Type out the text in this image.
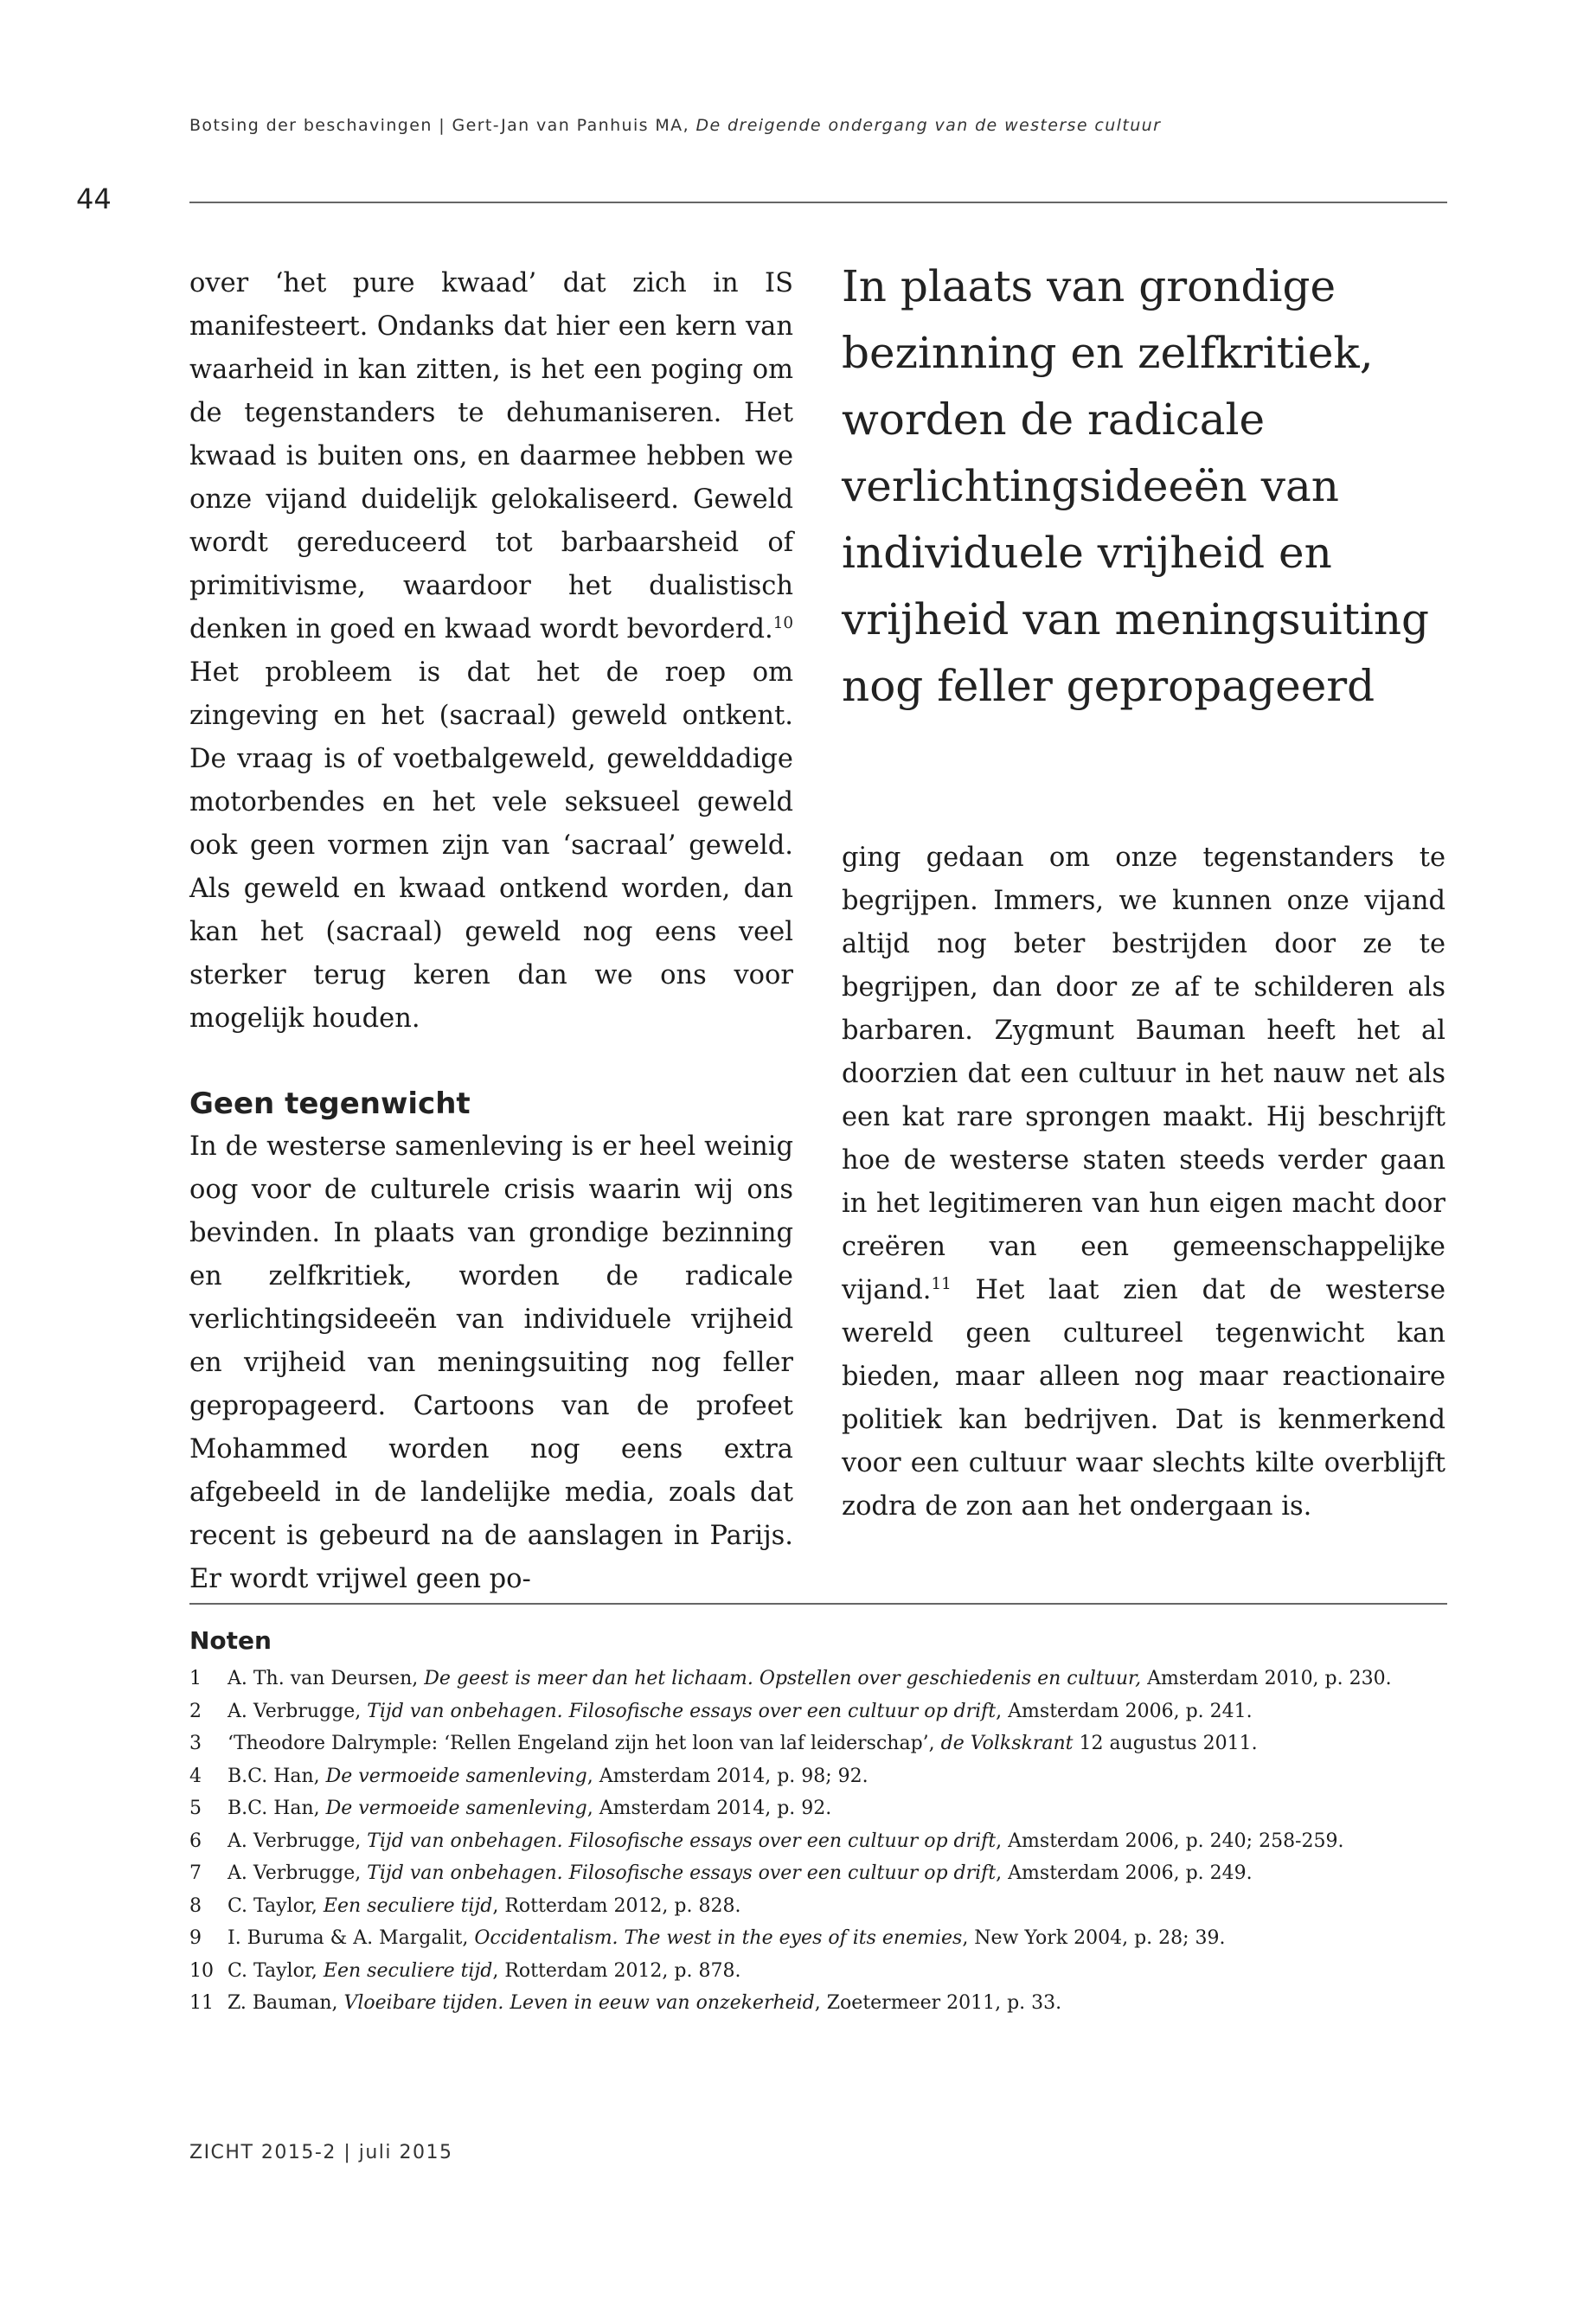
Botsing der beschavingen | Gert-Jan van Panhuis MA, De dreigende ondergang van de westerse cultuur
44

over ‘het pure kwaad’ dat zich in IS manifesteert. Ondanks dat hier een kern van waarheid in kan zitten, is het een poging om de tegenstanders te dehumaniseren. Het kwaad is buiten ons, en daarmee hebben we onze vijand duidelijk gelokaliseerd. Geweld wordt gereduceerd tot barbaarsheid of primitivisme, waardoor het dualistisch denken in goed en kwaad wordt bevorderd.$^{10}$ Het probleem is dat het de roep om zingeving en het (sacraal) geweld ontkent. De vraag is of voetbalgeweld, gewelddadige motorbendes en het vele seksueel geweld ook geen vormen zijn van ‘sacraal’ geweld. Als geweld en kwaad ontkend worden, dan kan het (sacraal) geweld nog eens veel sterker terug keren dan we ons voor mogelijk houden.

Geen tegenwicht

In de westerse samenleving is er heel weinig oog voor de culturele crisis waarin wij ons bevinden. In plaats van grondige bezinning en zelfkritiek, worden de radicale verlichtingsideeën van individuele vrijheid en vrijheid van meningsuiting nog feller gepropageerd. Cartoons van de profeet Mohammed worden nog eens extra afgebeeld in de landelijke media, zoals dat recent is gebeurd na de aanslagen in Parijs. Er wordt vrijwel geen po-

In plaats van grondige bezinning en zelfkritiek, worden de radicale verlichtingsideeën van individuele vrijheid en vrijheid van meningsuiting nog feller gepropageerd

ging gedaan om onze tegenstanders te begrijpen. Immers, we kunnen onze vijand altijd nog beter bestrijden door ze te begrijpen, dan door ze af te schilderen als barbaren. Zygmunt Bauman heeft het al doorzien dat een cultuur in het nauw net als een kat rare sprongen maakt. Hij beschrijft hoe de westerse staten steeds verder gaan in het legitimeren van hun eigen macht door creëren van een gemeenschappelijke vijand.$^{11}$ Het laat zien dat de westerse wereld geen cultureel tegenwicht kan bieden, maar alleen nog maar reactionaire politiek kan bedrijven. Dat is kenmerkend voor een cultuur waar slechts kilte overblijft zodra de zon aan het ondergaan is.

Noten
1	A. Th. van Deursen, De geest is meer dan het lichaam. Opstellen over geschiedenis en cultuur, Amsterdam 2010, p. 230.
2	A. Verbrugge, Tijd van onbehagen. Filosofische essays over een cultuur op drift, Amsterdam 2006, p. 241.
3	‘Theodore Dalrymple: ‘Rellen Engeland zijn het loon van laf leiderschap’, de Volkskrant 12 augustus 2011.
4	B.C. Han, De vermoeide samenleving, Amsterdam 2014, p. 98; 92.
5	B.C. Han, De vermoeide samenleving, Amsterdam 2014, p. 92.
6	A. Verbrugge, Tijd van onbehagen. Filosofische essays over een cultuur op drift, Amsterdam 2006, p. 240; 258-259.
7	A. Verbrugge, Tijd van onbehagen. Filosofische essays over een cultuur op drift, Amsterdam 2006, p. 249.
8	C. Taylor, Een seculiere tijd, Rotterdam 2012, p. 828.
9	I. Buruma & A. Margalit, Occidentalism. The west in the eyes of its enemies, New York 2004, p. 28; 39.
10 C. Taylor, Een seculiere tijd, Rotterdam 2012, p. 878.
11 Z. Bauman, Vloeibare tijden. Leven in eeuw van onzekerheid, Zoetermeer 2011, p. 33.
ZICHT 2015-2 | juli 2015
